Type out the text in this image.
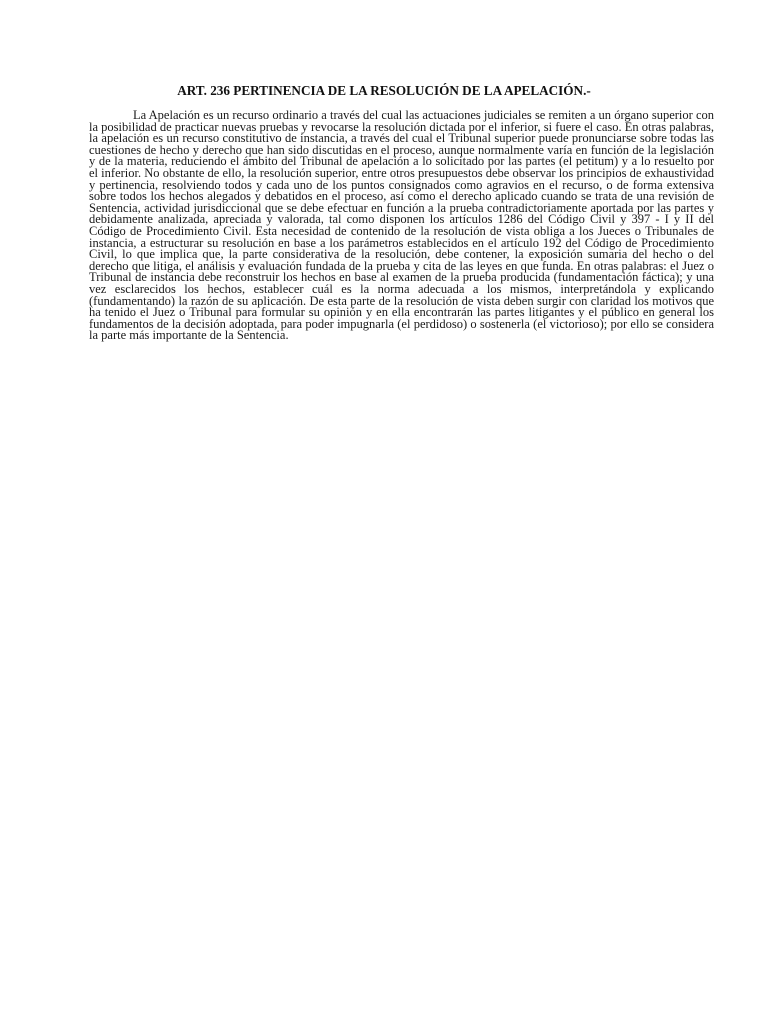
ART. 236 PERTINENCIA DE LA RESOLUCIÓN DE LA APELACIÓN.-

La Apelación es un recurso ordinario a través del cual las actuaciones judiciales se remiten a un órgano superior con la posibilidad de practicar nuevas pruebas y revocarse la resolución dictada por el inferior, si fuere el caso. En otras palabras, la apelación es un recurso constitutivo de instancia, a través del cual el Tribunal superior puede pronunciarse sobre todas las cuestiones de hecho y derecho que han sido discutidas en el proceso, aunque normalmente varía en función de la legislación y de la materia, reduciendo el ámbito del Tribunal de apelación a lo solicitado por las partes (el petitum) y a lo resuelto por el inferior. No obstante de ello, la resolución superior, entre otros presupuestos debe observar los principios de exhaustividad y pertinencia, resolviendo todos y cada uno de los puntos consignados como agravios en el recurso, o de forma extensiva sobre todos los hechos alegados y debatidos en el proceso, así como el derecho aplicado cuando se trata de una revisión de Sentencia, actividad jurisdiccional que se debe efectuar en función a la prueba contradictoriamente aportada por las partes y debidamente analizada, apreciada y valorada, tal como disponen los artículos 1286 del Código Civil y 397 - I y II del Código de Procedimiento Civil. Esta necesidad de contenido de la resolución de vista obliga a los Jueces o Tribunales de instancia, a estructurar su resolución en base a los parámetros establecidos en el artículo 192 del Código de Procedimiento Civil, lo que implica que, la parte considerativa de la resolución, debe contener, la exposición sumaria del hecho o del derecho que litiga, el análisis y evaluación fundada de la prueba y cita de las leyes en que funda. En otras palabras: el Juez o Tribunal de instancia debe reconstruir los hechos en base al examen de la prueba producida (fundamentación fáctica); y una vez esclarecidos los hechos, establecer cuál es la norma adecuada a los mismos, interpretándola y explicando (fundamentando) la razón de su aplicación. De esta parte de la resolución de vista deben surgir con claridad los motivos que ha tenido el Juez o Tribunal para formular su opinión y en ella encontrarán las partes litigantes y el público en general los fundamentos de la decisión adoptada, para poder impugnarla (el perdidoso) o sostenerla (el victorioso); por ello se considera la parte más importante de la Sentencia.
